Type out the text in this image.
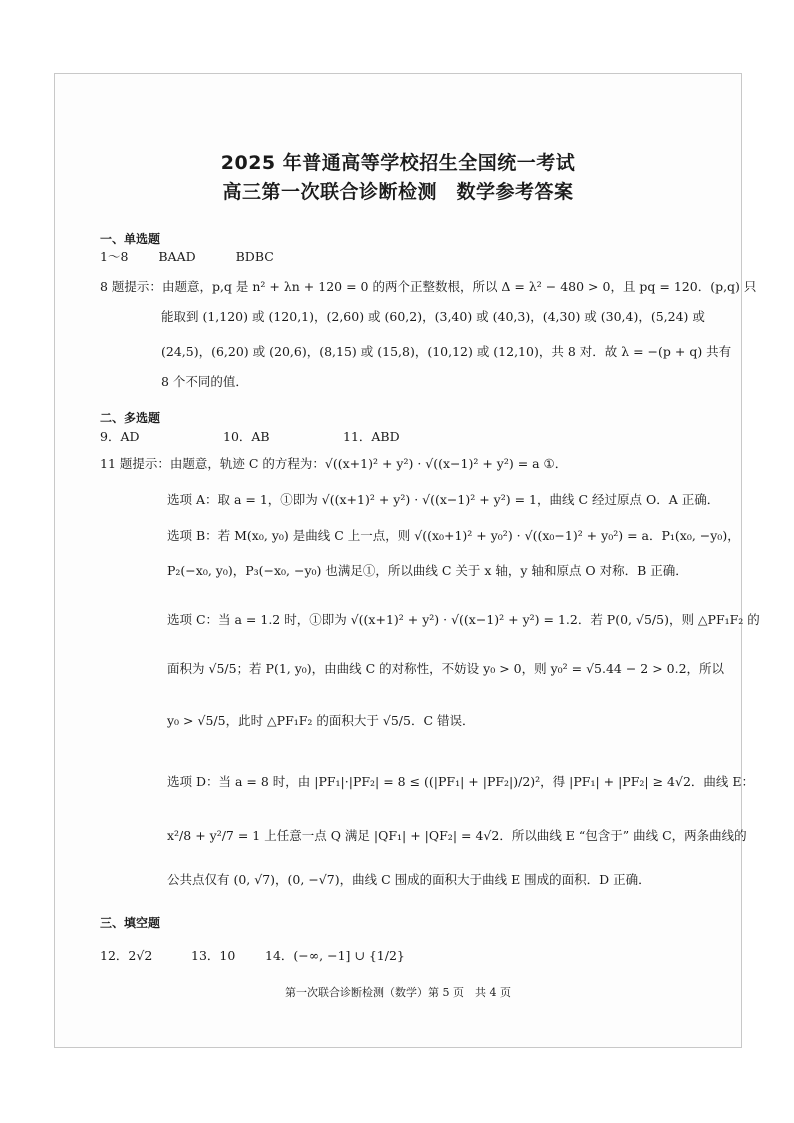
2025 年普通高等学校招生全国统一考试
高三第一次联合诊断检测　数学参考答案
一、单选题
1～8 BAAD	BDBC
8 题提示：由题意，p,q 是 n² + λn + 120 = 0 的两个正整数根，所以 Δ = λ² − 480 > 0，且 pq = 120．(p,q) 只
能取到 (1,120) 或 (120,1)，(2,60) 或 (60,2)，(3,40) 或 (40,3)，(4,30) 或 (30,4)，(5,24) 或
(24,5)，(6,20) 或 (20,6)，(8,15) 或 (15,8)，(10,12) 或 (12,10)，共 8 对．故 λ = −(p + q) 共有
8 个不同的值．
二、多选题
9．AD	10．AB	11．ABD
11 题提示：由题意，轨迹 C 的方程为：√((x+1)² + y²) · √((x−1)² + y²) = a ①．
选项 A：取 a = 1，①即为 √((x+1)² + y²) · √((x−1)² + y²) = 1，曲线 C 经过原点 O．A 正确．
选项 B：若 M(x₀, y₀) 是曲线 C 上一点，则 √((x₀+1)² + y₀²) · √((x₀−1)² + y₀²) = a．P₁(x₀, −y₀)，
P₂(−x₀, y₀)，P₃(−x₀, −y₀) 也满足①，所以曲线 C 关于 x 轴，y 轴和原点 O 对称．B 正确．
选项 C：当 a = 1.2 时，①即为 √((x+1)² + y²) · √((x−1)² + y²) = 1.2．若 P(0, √5/5)，则 △PF₁F₂ 的
面积为 √5/5；若 P(1, y₀)，由曲线 C 的对称性，不妨设 y₀ > 0，则 y₀² = √5.44 − 2 > 0.2，所以
y₀ > √5/5，此时 △PF₁F₂ 的面积大于 √5/5．C 错误．
选项 D：当 a = 8 时，由 |PF₁|·|PF₂| = 8 ≤ ((|PF₁| + |PF₂|)/2)²，得 |PF₁| + |PF₂| ≥ 4√2．曲线 E：
x²/8 + y²/7 = 1 上任意一点 Q 满足 |QF₁| + |QF₂| = 4√2．所以曲线 E “包含于” 曲线 C，两条曲线的
公共点仅有 (0, √7)，(0, −√7)，曲线 C 围成的面积大于曲线 E 围成的面积．D 正确．
三、填空题
12．2√2	13．10 14．(−∞, −1] ∪ {1/2}
第一次联合诊断检测（数学）第 5 页　共 4 页
